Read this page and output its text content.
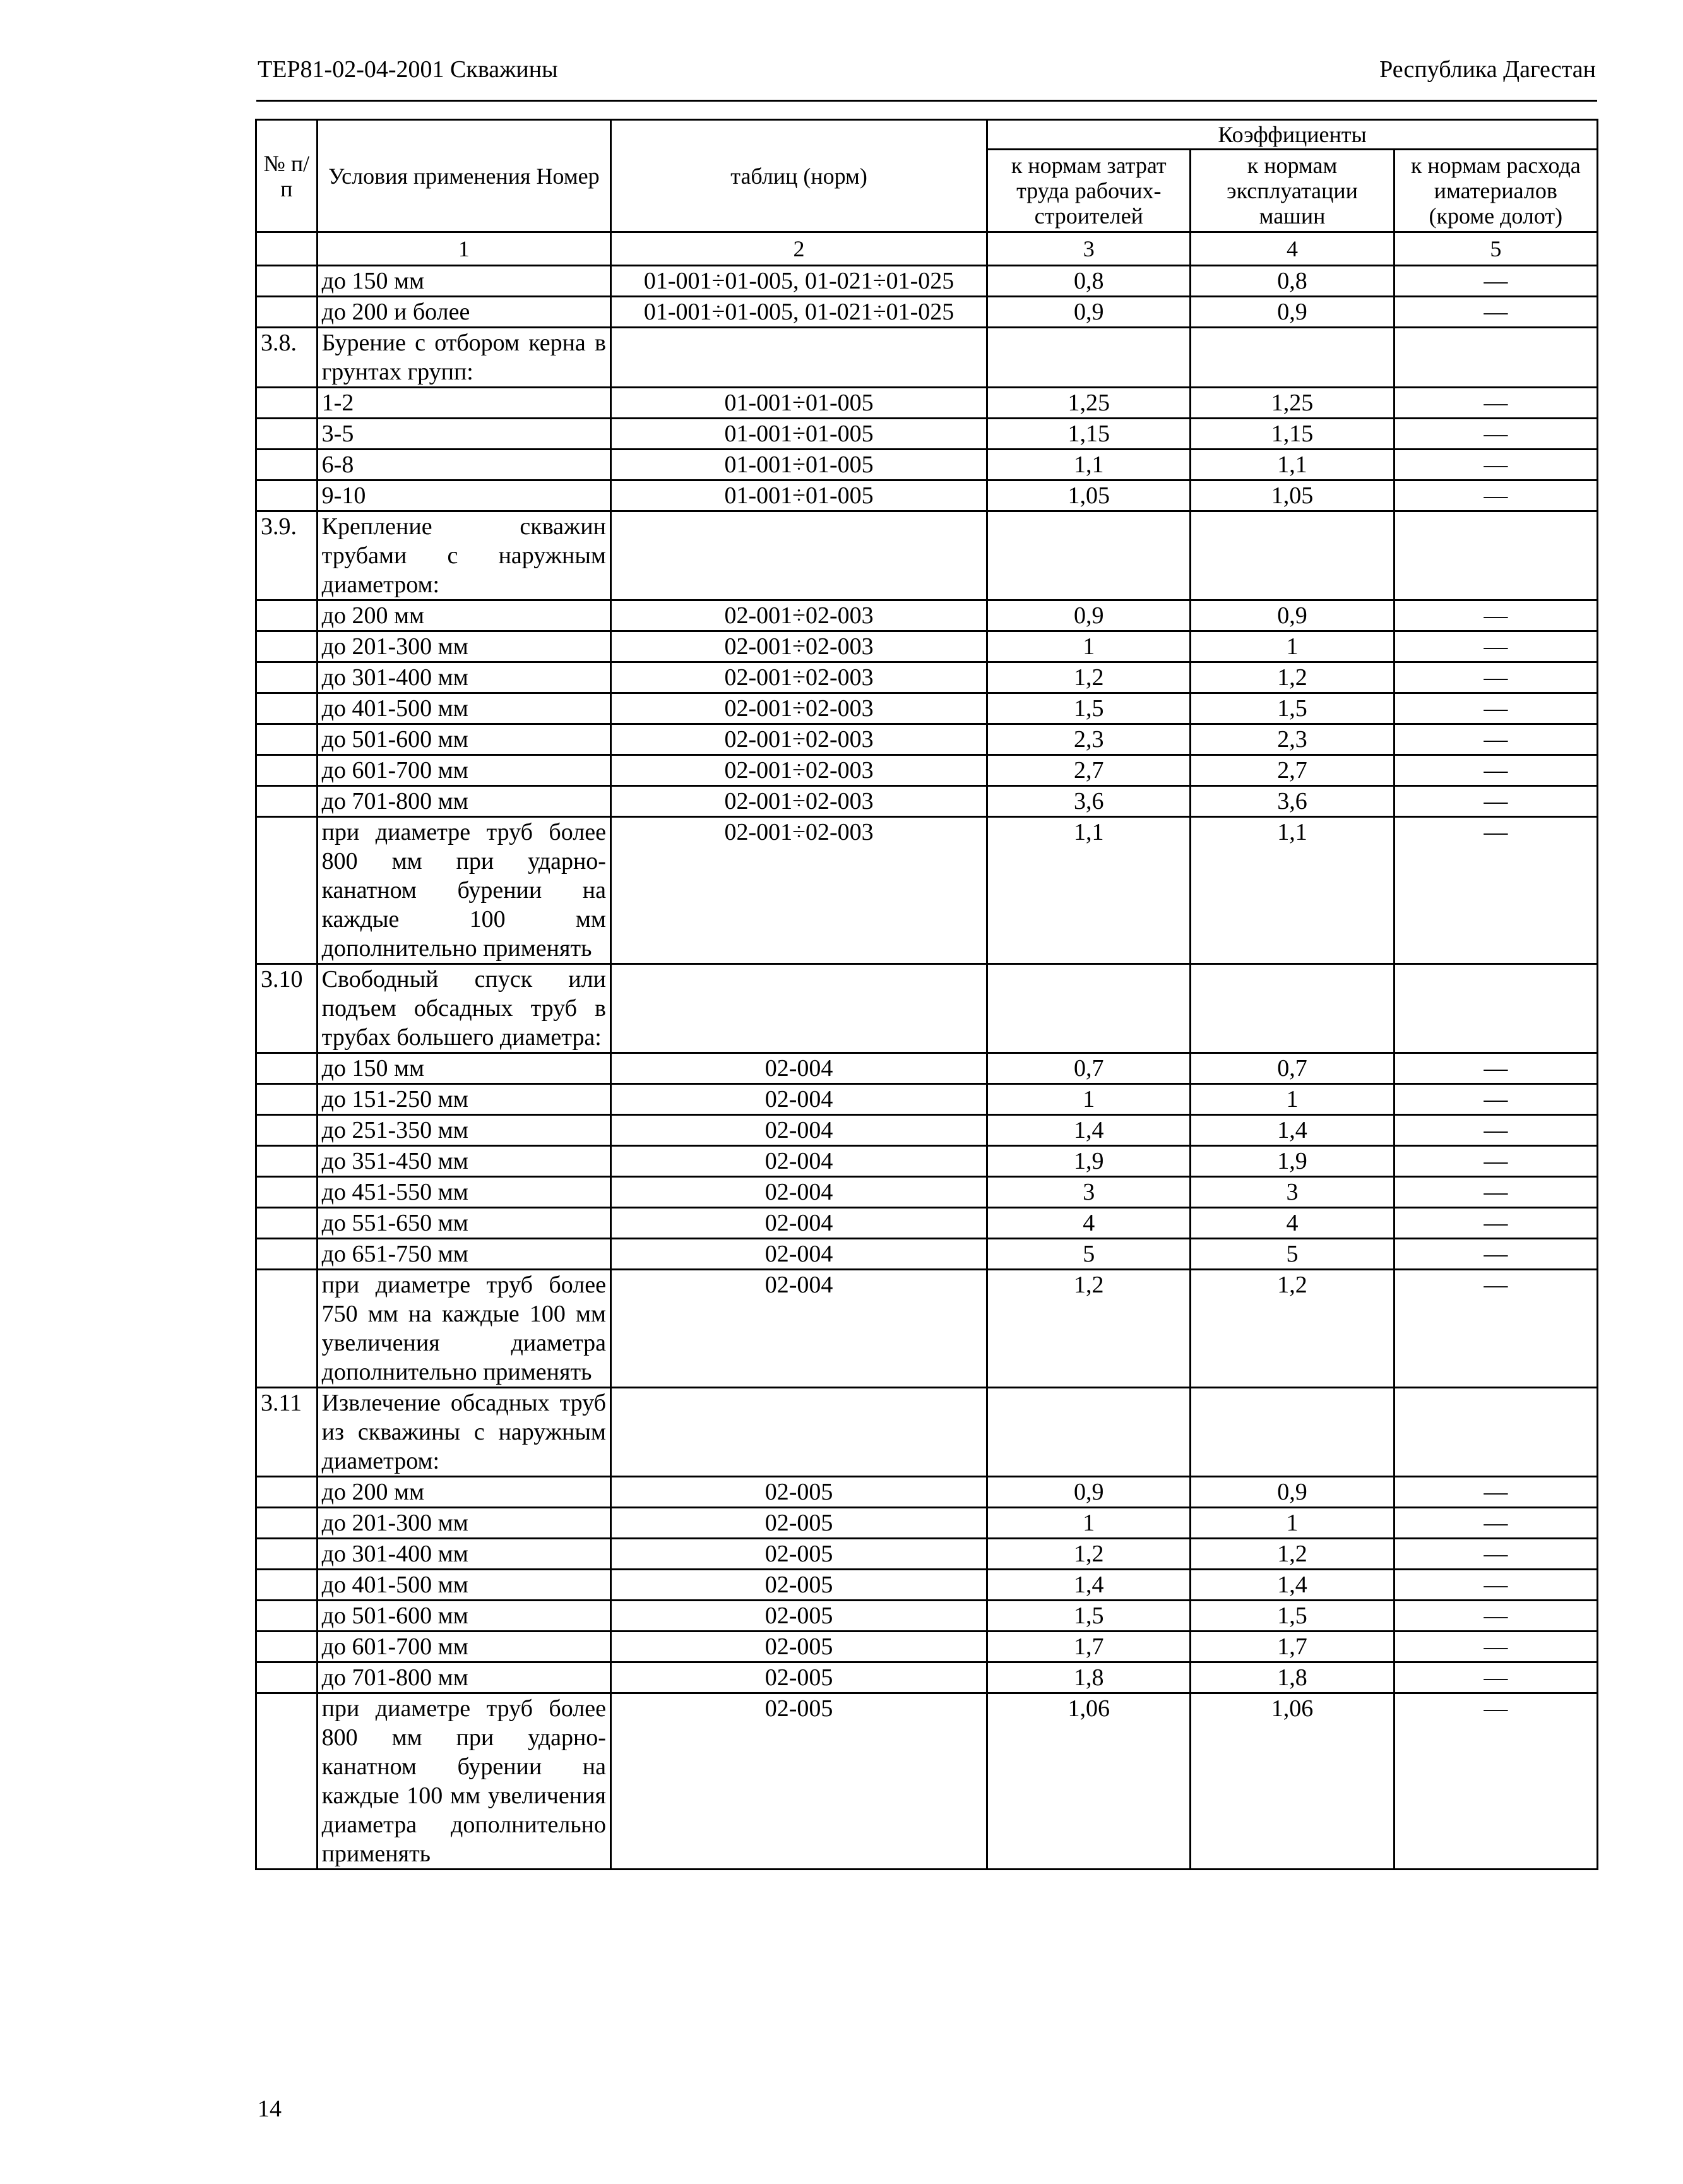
ТЕР81-02-04-2001 Скважины	Республика Дагестан
№ п/п	Условия применения Номер	таблиц (норм)	Коэффициенты		
			к нормам затрат труда рабочих-строителей	к нормам эксплуатации машин	к нормам расхода иматериалов (кроме долот)
	1	2	3	4	5
	до 150 мм	01-001÷01-005, 01-021÷01-025	0,8	0,8	—
	до 200 и более	01-001÷01-005, 01-021÷01-025	0,9	0,9	—
3.8.	Бурение с отбором керна в грунтах групп:				
	1-2	01-001÷01-005	1,25	1,25	—
	3-5	01-001÷01-005	1,15	1,15	—
	6-8	01-001÷01-005	1,1	1,1	—
	9-10	01-001÷01-005	1,05	1,05	—
3.9.	Крепление скважин трубами с наружным диаметром:				
	до 200 мм	02-001÷02-003	0,9	0,9	—
	до 201-300 мм	02-001÷02-003	1	1	—
	до 301-400 мм	02-001÷02-003	1,2	1,2	—
	до 401-500 мм	02-001÷02-003	1,5	1,5	—
	до 501-600 мм	02-001÷02-003	2,3	2,3	—
	до 601-700 мм	02-001÷02-003	2,7	2,7	—
	до 701-800 мм	02-001÷02-003	3,6	3,6	—
	при диаметре труб более 800 мм при ударно-канатном бурении на каждые 100 мм дополнительно применять	02-001÷02-003	1,1	1,1	—
3.10	Свободный спуск или подъем обсадных труб в трубах большего диаметра:				
	до 150 мм	02-004	0,7	0,7	—
	до 151-250 мм	02-004	1	1	—
	до 251-350 мм	02-004	1,4	1,4	—
	до 351-450 мм	02-004	1,9	1,9	—
	до 451-550 мм	02-004	3	3	—
	до 551-650 мм	02-004	4	4	—
	до 651-750 мм	02-004	5	5	—
	при диаметре труб более 750 мм на каждые 100 мм увеличения диаметра дополнительно применять	02-004	1,2	1,2	—
3.11	Извлечение обсадных труб из скважины с наружным диаметром:				
	до 200 мм	02-005	0,9	0,9	—
	до 201-300 мм	02-005	1	1	—
	до 301-400 мм	02-005	1,2	1,2	—
	до 401-500 мм	02-005	1,4	1,4	—
	до 501-600 мм	02-005	1,5	1,5	—
	до 601-700 мм	02-005	1,7	1,7	—
	до 701-800 мм	02-005	1,8	1,8	—
	при диаметре труб более 800 мм при ударно-канатном бурении на каждые 100 мм увеличения диаметра дополнительно применять	02-005	1,06	1,06	—
14
